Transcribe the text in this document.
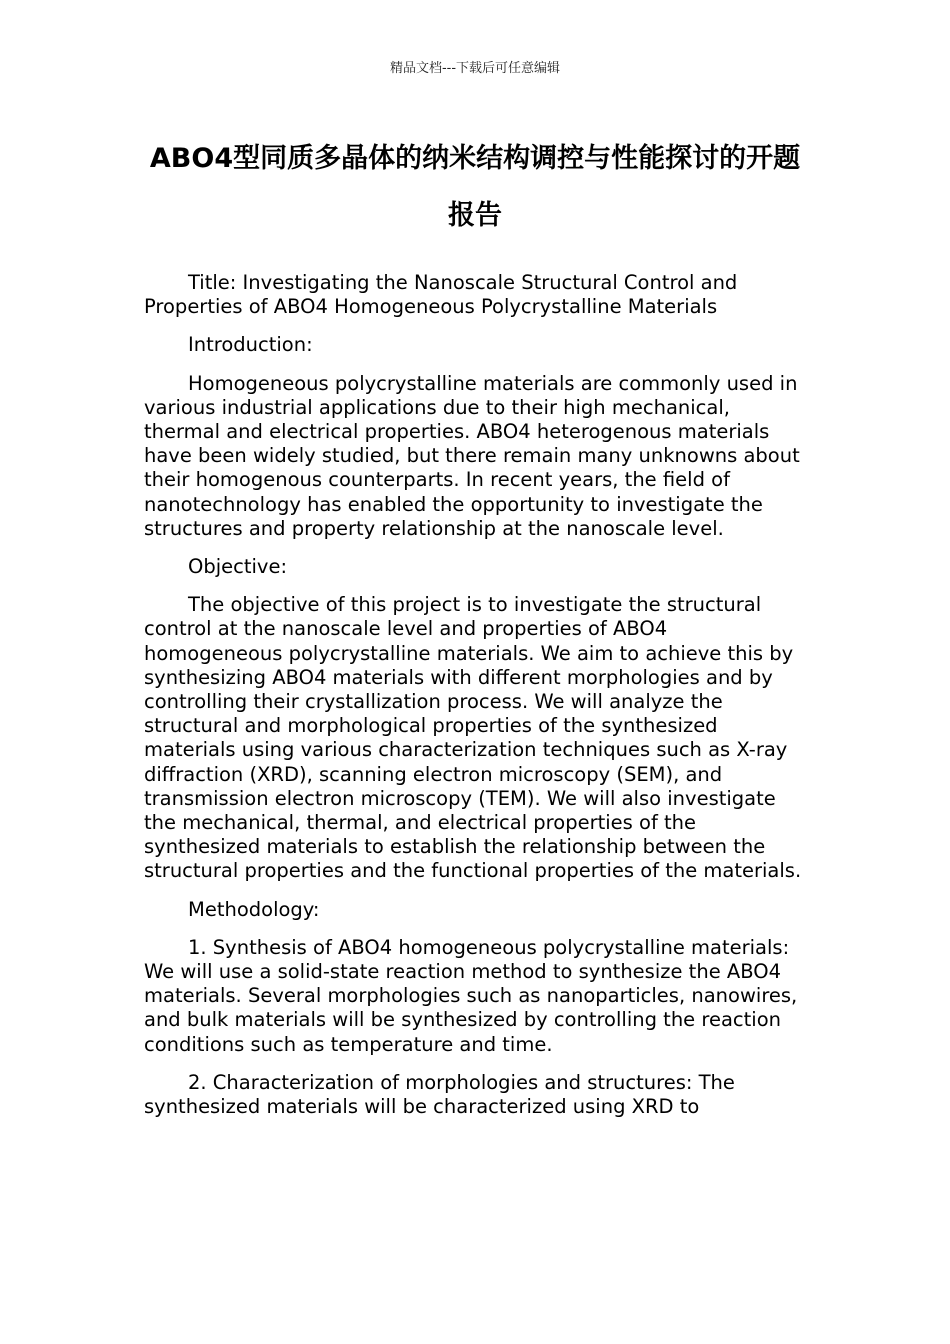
精品文档---下载后可任意编辑
ABO4型同质多晶体的纳米结构调控与性能探讨的开题报告

Title: Investigating the Nanoscale Structural Control and Properties of ABO4 Homogeneous Polycrystalline Materials

Introduction:

Homogeneous polycrystalline materials are commonly used in various industrial applications due to their high mechanical, thermal and electrical properties. ABO4 heterogenous materials have been widely studied, but there remain many unknowns about their homogenous counterparts. In recent years, the field of nanotechnology has enabled the opportunity to investigate the structures and property relationship at the nanoscale level.

Objective:

The objective of this project is to investigate the structural control at the nanoscale level and properties of ABO4 homogeneous polycrystalline materials. We aim to achieve this by synthesizing ABO4 materials with different morphologies and by controlling their crystallization process. We will analyze the structural and morphological properties of the synthesized materials using various characterization techniques such as X-ray diffraction (XRD), scanning electron microscopy (SEM), and transmission electron microscopy (TEM). We will also investigate the mechanical, thermal, and electrical properties of the synthesized materials to establish the relationship between the structural properties and the functional properties of the materials.

Methodology:

1. Synthesis of ABO4 homogeneous polycrystalline materials: We will use a solid-state reaction method to synthesize the ABO4 materials. Several morphologies such as nanoparticles, nanowires, and bulk materials will be synthesized by controlling the reaction conditions such as temperature and time.

2. Characterization of morphologies and structures: The synthesized materials will be characterized using XRD to
